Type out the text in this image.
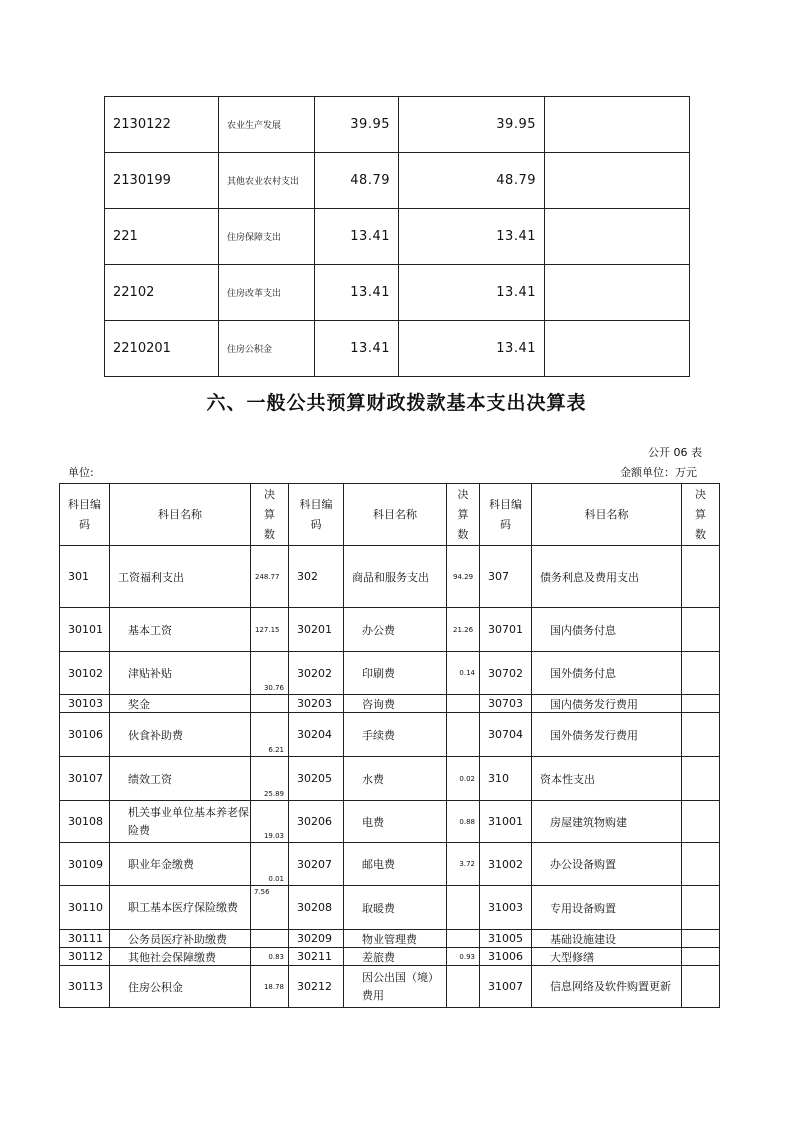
2130122	农业生产发展	39.95	39.95	
2130199	其他农业农村支出	48.79	48.79	
221	住房保障支出	13.41	13.41	
22102	住房改革支出	13.41	13.41	
2210201	住房公积金	13.41	13.41	
六、一般公共预算财政拨款基本支出决算表
公开 06 表
单位:	金额单位：万元
科目编码	科目名称	决算数	科目编码	科目名称	决算数	科目编码	科目名称	决算数
301	工资福利支出	248.77	302	商品和服务支出	94.29	307	债务利息及费用支出	
30101	基本工资	127.15	30201	办公费	21.26	30701	国内债务付息	
30102	津贴补贴	30.76	30202	印刷费	0.14	30702	国外债务付息	
30103	奖金		30203	咨询费		30703	国内债务发行费用	
30106	伙食补助费	6.21	30204	手续费		30704	国外债务发行费用	
30107	绩效工资	25.89	30205	水费	0.02	310	资本性支出	
30108	机关事业单位基本养老保险费	19.03	30206	电费	0.88	31001	房屋建筑物购建	
30109	职业年金缴费	0.01	30207	邮电费	3.72	31002	办公设备购置	
30110	职工基本医疗保险缴费	7.56	30208	取暖费		31003	专用设备购置	
30111	公务员医疗补助缴费		30209	物业管理费		31005	基础设施建设	
30112	其他社会保障缴费	0.83	30211	差旅费	0.93	31006	大型修缮	
30113	住房公积金	18.78	30212	因公出国（境）费用		31007	信息网络及软件购置更新	
